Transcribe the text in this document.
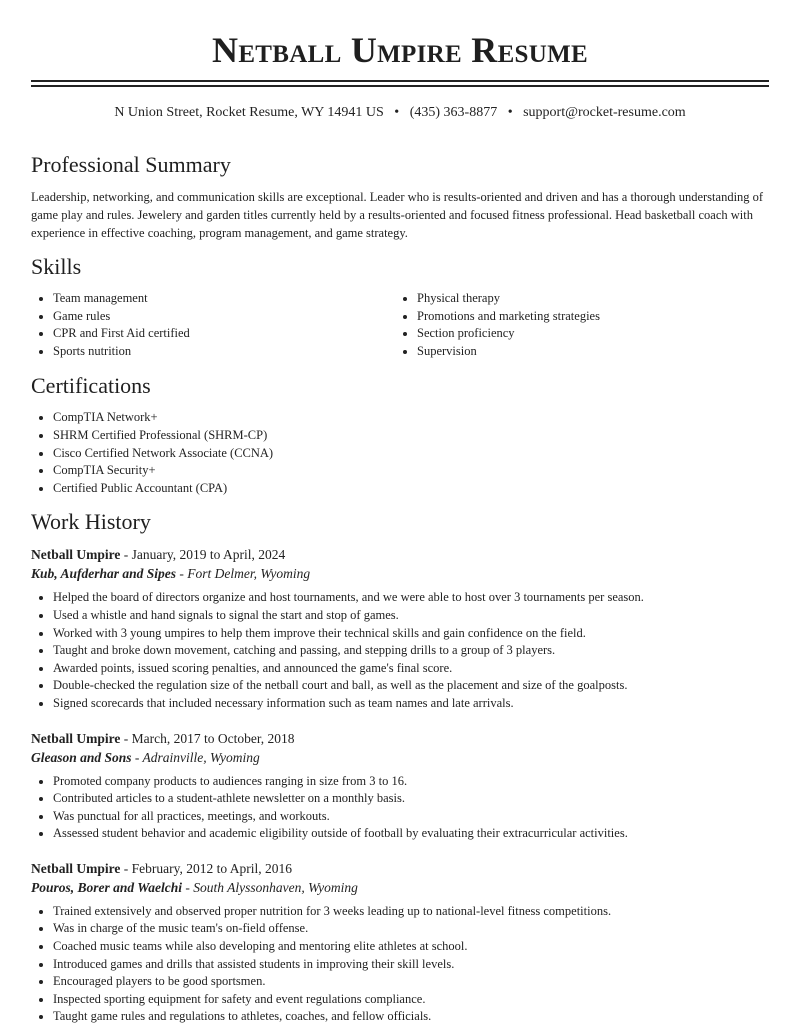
Netball Umpire Resume
N Union Street, Rocket Resume, WY 14941 US • (435) 363-8877 • support@rocket-resume.com
Professional Summary

Leadership, networking, and communication skills are exceptional. Leader who is results-oriented and driven and has a thorough understanding of game play and rules. Jewelery and garden titles currently held by a results-oriented and focused fitness professional. Head basketball coach with experience in effective coaching, program management, and game strategy.

Skills
• Team management
• Game rules
• CPR and First Aid certified
• Sports nutrition
• Physical therapy
• Promotions and marketing strategies
• Section proficiency
• Supervision
Certifications
• CompTIA Network+
• SHRM Certified Professional (SHRM-CP)
• Cisco Certified Network Associate (CCNA)
• CompTIA Security+
• Certified Public Accountant (CPA)
Work History
Netball Umpire - January, 2019 to April, 2024
Kub, Aufderhar and Sipes - Fort Delmer, Wyoming
• Helped the board of directors organize and host tournaments, and we were able to host over 3 tournaments per season.
• Used a whistle and hand signals to signal the start and stop of games.
• Worked with 3 young umpires to help them improve their technical skills and gain confidence on the field.
• Taught and broke down movement, catching and passing, and stepping drills to a group of 3 players.
• Awarded points, issued scoring penalties, and announced the game's final score.
• Double-checked the regulation size of the netball court and ball, as well as the placement and size of the goalposts.
• Signed scorecards that included necessary information such as team names and late arrivals.
Netball Umpire - March, 2017 to October, 2018
Gleason and Sons - Adrainville, Wyoming
• Promoted company products to audiences ranging in size from 3 to 16.
• Contributed articles to a student-athlete newsletter on a monthly basis.
• Was punctual for all practices, meetings, and workouts.
• Assessed student behavior and academic eligibility outside of football by evaluating their extracurricular activities.
Netball Umpire - February, 2012 to April, 2016
Pouros, Borer and Waelchi - South Alyssonhaven, Wyoming
• Trained extensively and observed proper nutrition for 3 weeks leading up to national-level fitness competitions.
• Was in charge of the music team's on-field offense.
• Coached music teams while also developing and mentoring elite athletes at school.
• Introduced games and drills that assisted students in improving their skill levels.
• Encouraged players to be good sportsmen.
• Inspected sporting equipment for safety and event regulations compliance.
• Taught game rules and regulations to athletes, coaches, and fellow officials.
